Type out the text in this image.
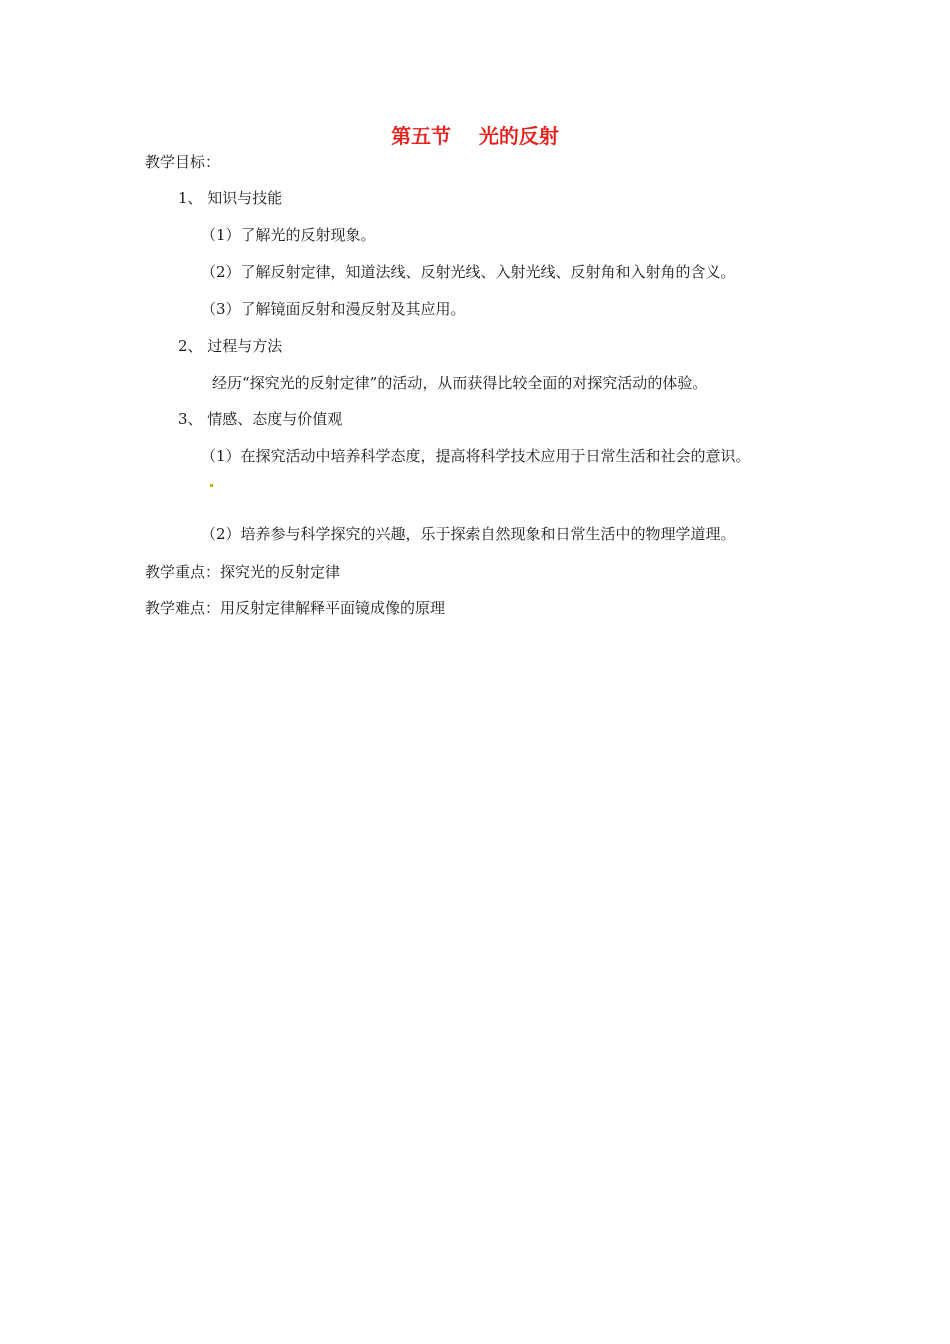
第五节    光的反射
教学目标：
1、 知识与技能
（1）了解光的反射现象。
（2）了解反射定律，知道法线、反射光线、入射光线、反射角和入射角的含义。
（3）了解镜面反射和漫反射及其应用。
2、 过程与方法
经历“探究光的反射定律”的活动，从而获得比较全面的对探究活动的体验。
3、 情感、态度与价值观
（1）在探究活动中培养科学态度，提高将科学技术应用于日常生活和社会的意识。
（2）培养参与科学探究的兴趣，乐于探索自然现象和日常生活中的物理学道理。
教学重点：探究光的反射定律
教学难点：用反射定律解释平面镜成像的原理
